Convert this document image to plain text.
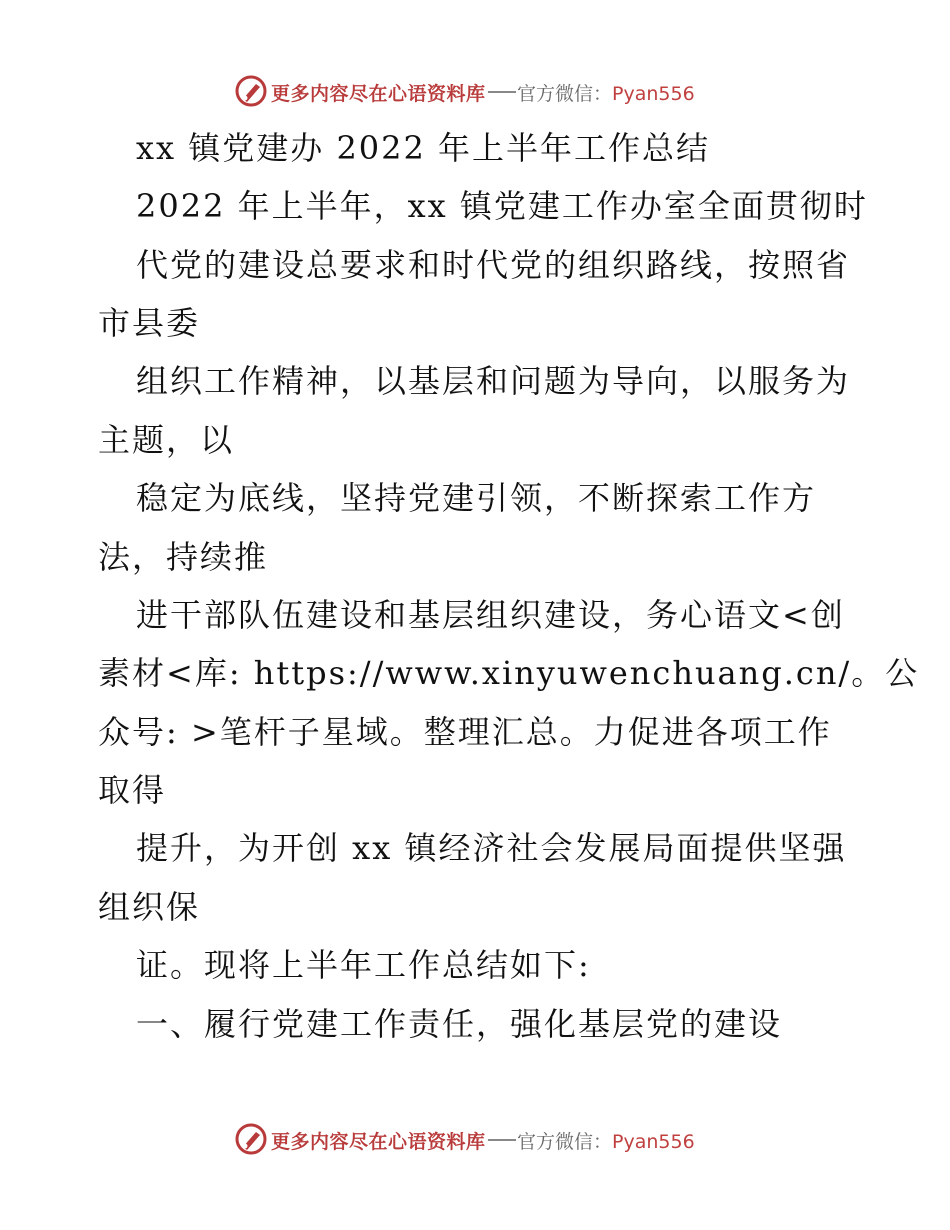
更多内容尽在心语资料库 官方微信：Pyan556
xx 镇党建办 2022 年上半年工作总结
2022 年上半年，xx 镇党建工作办室全面贯彻时
代党的建设总要求和时代党的组织路线，按照省
市县委
组织工作精神，以基层和问题为导向，以服务为
主题，以
稳定为底线，坚持党建引领，不断探索工作方
法，持续推
进干部队伍建设和基层组织建设，务心语文<创
素材<库: https://www.xinyuwenchuang.cn/。公
众号: >笔杆子星域。整理汇总。力促进各项工作
取得
提升，为开创 xx 镇经济社会发展局面提供坚强
组织保
证。现将上半年工作总结如下:
一、履行党建工作责任，强化基层党的建设
更多内容尽在心语资料库 官方微信：Pyan556
